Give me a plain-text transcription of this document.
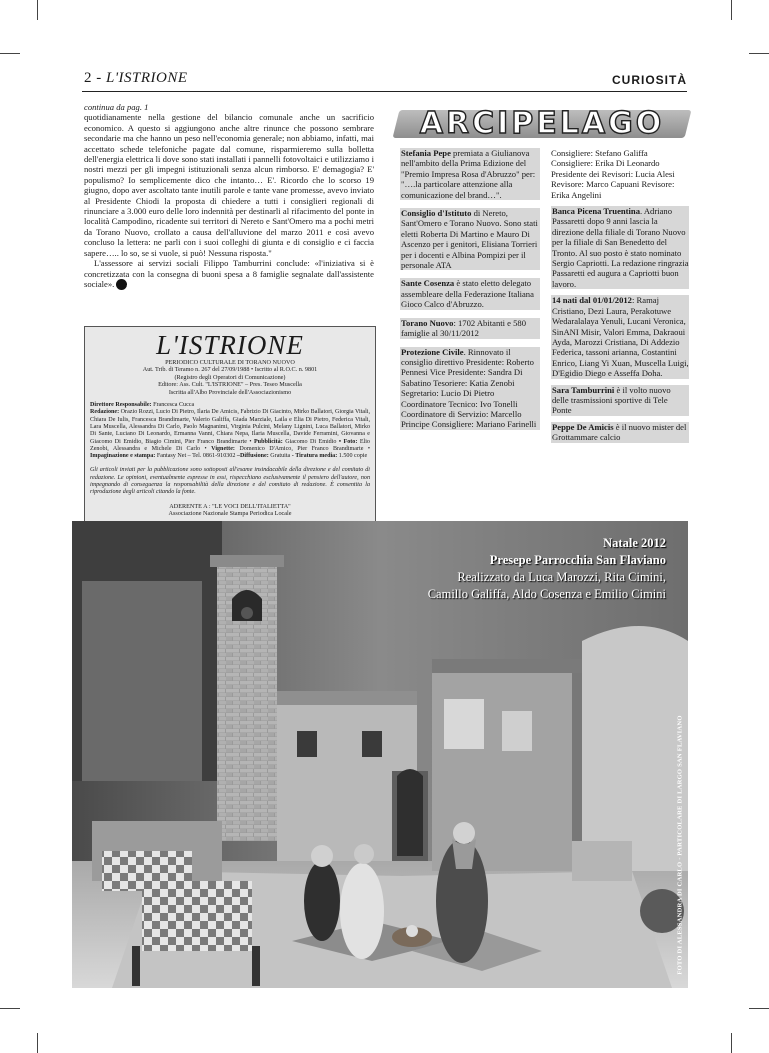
2 - L'ISTRIONE	CURIOSITÀ
continua da pag. 1

quotidianamente nella gestione del bilancio comunale anche un sacrificio economico. A questo si aggiungono anche altre rinunce che possono sembrare secondarie ma che hanno un peso nell'economia generale; non abbiamo, infatti, mai accettato schede telefoniche pagate dal comune, risparmieremo sulla bolletta dell'energia elettrica li dove sono stati installati i pannelli fotovoltaici e utilizziamo i nostri mezzi per gli impegni istituzionali senza alcun rimborso. E' demagogia? E' populismo? Io semplicemente dico che intanto… E'. Ricordo che lo scorso 19 giugno, dopo aver ascoltato tante inutili parole e tante vane promesse, avevo inviato al Presidente Chiodi la proposta di chiedere a tutti i consiglieri regionali di rinunciare a 3.000 euro delle loro indennità per destinarli al rifacimento del ponte in località Campodino, ricadente sui territori di Nereto e Sant'Omero ma a pochi metri da Torano Nuovo, crollato a causa dell'alluvione del marzo 2011 e così avevo concluso la lettera: ne parli con i suoi colleghi di giunta e di consiglio e ci faccia sapere….. lo so, se si vuole, si può! Nessuna risposta."

L'assessore ai servizi sociali Filippo Tamburrini conclude: «l'iniziativa si è concretizzata con la consegna di buoni spesa a 8 famiglie segnalate dall'assistente sociale». L'

L'ISTRIONE
PERIODICO CULTURALE DI TORANO NUOVO
Aut. Trib. di Teramo n. 267 del 27/09/1988 • Iscritto al R.O.C. n. 9801
(Registro degli Operatori di Comunicazione)
Editore: Ass. Cult. "L'ISTRIONE" – Pres. Teseo Muscella
Iscritta all'Albo Provinciale dell'Associazionismo
Direttore Responsabile: Francesca Cucca
Redazione: Orazio Rozzi, Lucio Di Pietro, Ilaria De Amicis, Fabrizio Di Giacinto, Mirko Ballatori, Giorgia Vitali, Chiara De Iulis, Francesca Brandimarte, Valerio Galiffa, Giada Marziale, Laila e Elia Di Pietro, Federica Vitali, Lara Muscella, Alessandra Di Carlo, Paolo Magnanimi, Virginia Pulcini, Melany Lignini, Luca Ballatori, Mirko Di Sante, Luciano Di Leonardo, Ermanna Vanni, Chiara Nepa, Ilaria Muscella, Davide Ferramini, Giovanna e Giacomo Di Emidio, Biagio Cimini, Pier Franco Brandimarte • Pubblicità: Giacomo Di Emidio • Foto: Elio Zenobi, Alessandra e Michele Di Carlo • Vignette: Domenico D'Amico, Pier Franco Brandimarte • Impaginazione e stampa: Fantasy Net – Tel. 0861-910302 –Diffusione: Gratuita - Tiratura media: 1.500 copie
Gli articoli inviati per la pubblicazione sono sottoposti all'esame insindacabile della direzione e del comitato di redazione. Le opinioni, eventualmente espresse in essi, rispecchiano esclusivamente il pensiero dell'autore, non impegnando di conseguenza la responsabilità della direzione e del comitato di redazione. È consentita la riproduzione degli articoli citando la fonte.
ADERENTE A : "LE VOCI DELL'ITALIETTA"
Associazione Nazionale Stampa Periodica Locale
ARCIPELAGO
Stefania Pepe premiata a Giulianova nell'ambito della Prima Edizione del "Premio Impresa Rosa d'Abruzzo" per: "….la particolare attenzione alla comunicazione del brand…".
Consiglio d'Istituto di Nereto, Sant'Omero e Torano Nuovo. Sono stati eletti Roberta Di Martino e Mauro Di Ascenzo per i genitori, Elisiana Torrieri per i docenti e Albina Pompizi per il personale ATA
Sante Cosenza è stato eletto delegato assembleare della Federazione Italiana Gioco Calco d'Abruzzo.
Torano Nuovo: 1702 Abitanti e 580 famiglie al 30/11/2012
Protezione Civile. Rinnovato il consiglio direttivo Presidente: Roberto Pennesi Vice Presidente: Sandra Di Sabatino Tesoriere: Katia Zenobi Segretario: Lucio Di Pietro Coordinatore Tecnico: Ivo Tonelli Coordinatore di Servizio: Marcello Principe Consigliere: Mariano Farinelli
Consigliere: Stefano Galiffa Consigliere: Erika Di Leonardo Presidente dei Revisori: Lucia Alesi Revisore: Marco Capuani Revisore: Erika Angelini
Banca Picena Truentina. Adriano Passaretti dopo 9 anni lascia la direzione della filiale di Torano Nuovo per la filiale di San Benedetto del Tronto. Al suo posto è stato nominato Sergio Capriotti. La redazione ringrazia Passaretti ed augura a Capriotti buon lavoro.
14 nati dal 01/01/2012: Ramaj Cristiano, Dezi Laura, Perakotuwe Wedaralalaya Yenuli, Lucani Veronica, SinANI Misir, Valori Emma, Dakraoui Ayda, Marozzi Cristiana, Di Addezio Federica, tassoni arianna, Costantini Enrico, Liang Yi Xuan, Muscella Luigi, D'Egidio Diego e Asseffa Doha.
Sara Tamburrini è il volto nuovo delle trasmissioni sportive di Tele Ponte
Peppe De Amicis è il nuovo mister del Grottammare calcio
Natale 2012
Presepe Parrocchia San Flaviano
Realizzato da Luca Marozzi, Rita Cimini, Camillo Galiffa, Aldo Cosenza e Emilio Cimini
FOTO DI ALESSANDRA DI CARLO - PARTICOLARE DI LARGO SAN FLAVIANO
